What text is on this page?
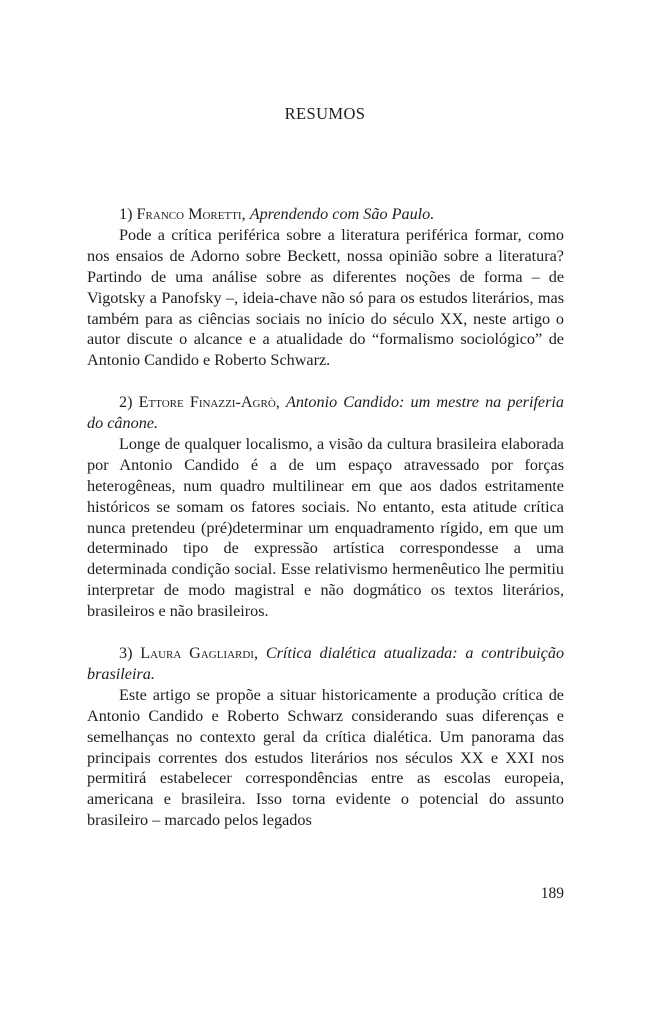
RESUMOS

1) Franco Moretti, Aprendendo com São Paulo.

Pode a crítica periférica sobre a literatura periférica formar, como nos ensaios de Adorno sobre Beckett, nossa opinião sobre a literatura? Partindo de uma análise sobre as diferentes noções de forma – de Vigotsky a Panofsky –, ideia-chave não só para os estudos literários, mas também para as ciências sociais no início do século XX, neste artigo o autor discute o alcance e a atualidade do “formalismo sociológico” de Antonio Candido e Roberto Schwarz.

2) Ettore Finazzi-Agrò, Antonio Candido: um mestre na periferia do cânone.

Longe de qualquer localismo, a visão da cultura brasileira elaborada por Antonio Candido é a de um espaço atravessado por forças heterogêneas, num quadro multilinear em que aos dados estritamente históricos se somam os fatores sociais. No entanto, esta atitude crítica nunca pretendeu (pré)determinar um enquadramento rígido, em que um determinado tipo de expressão artística correspondesse a uma determinada condição social. Esse relativismo hermenêutico lhe permitiu interpretar de modo magistral e não dogmático os textos literários, brasileiros e não brasileiros.

3) Laura Gagliardi, Crítica dialética atualizada: a contribuição brasileira.

Este artigo se propõe a situar historicamente a produção crítica de Antonio Candido e Roberto Schwarz considerando suas diferenças e semelhanças no contexto geral da crítica dialética. Um panorama das principais correntes dos estudos literários nos séculos XX e XXI nos permitirá estabelecer correspondências entre as escolas europeia, americana e brasileira. Isso torna evidente o potencial do assunto brasileiro – marcado pelos legados

189
